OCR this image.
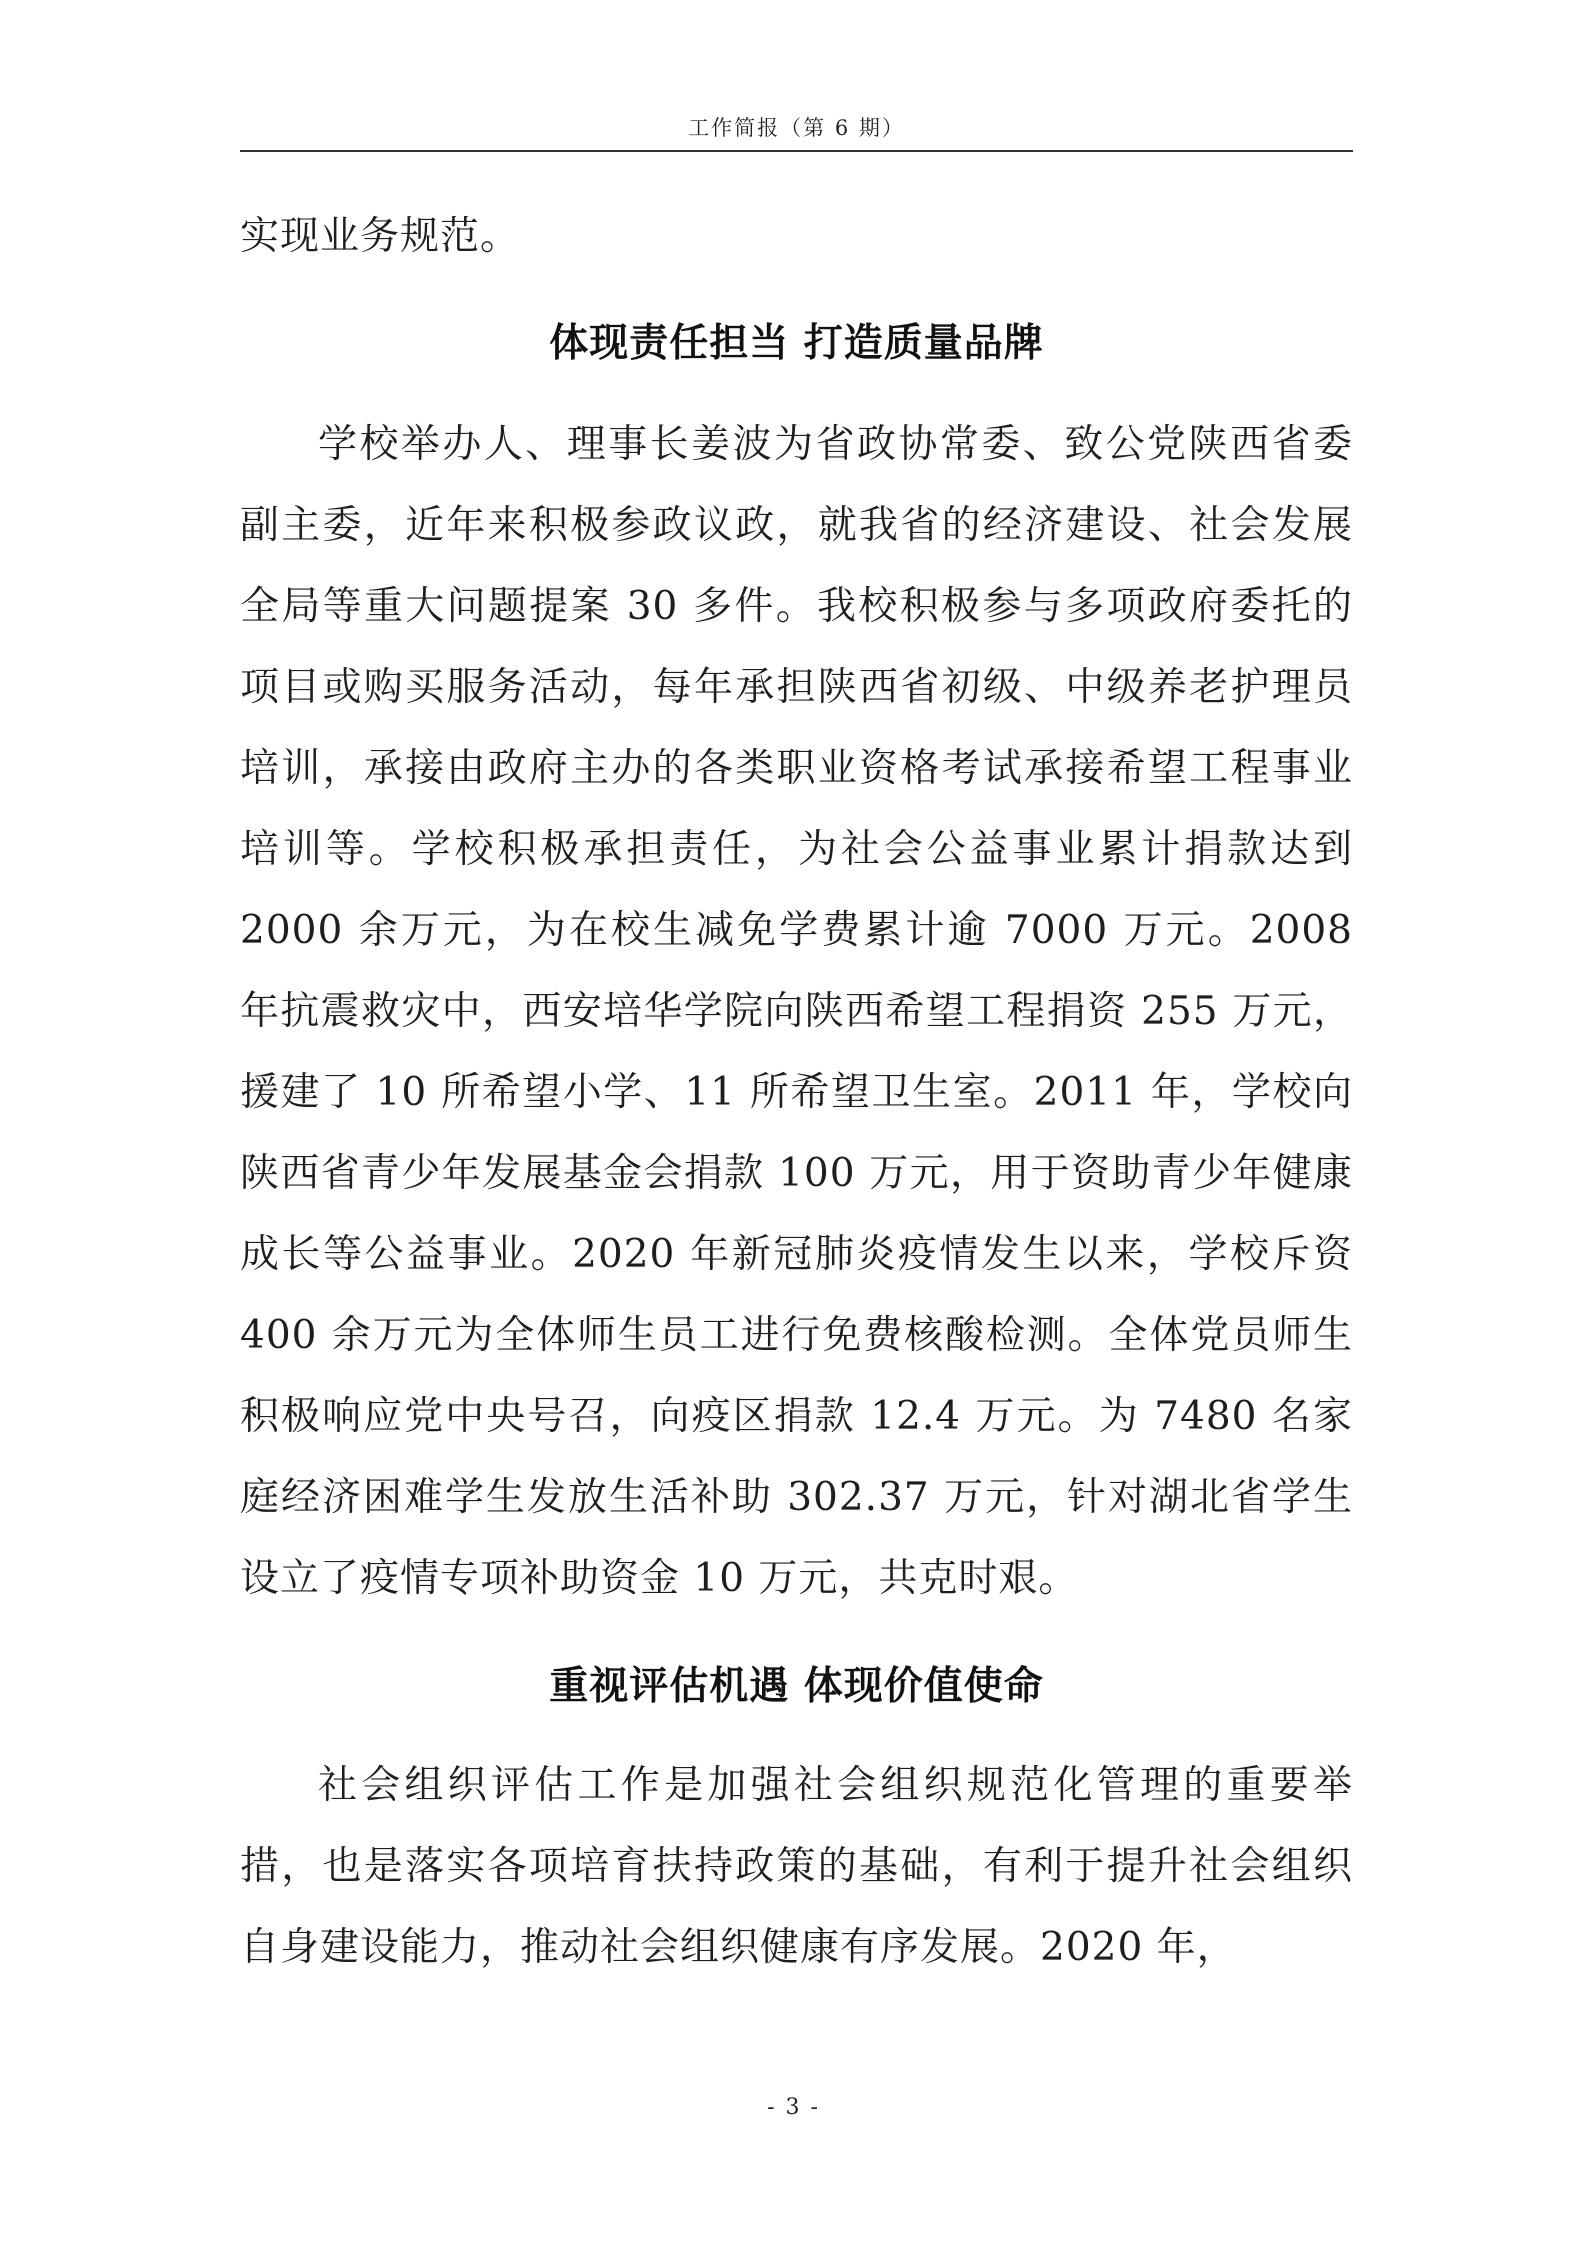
工作简报（第 6 期）

实现业务规范。

体现责任担当 打造质量品牌

学校举办人、理事长姜波为省政协常委、致公党陕西省委副主委，近年来积极参政议政，就我省的经济建设、社会发展全局等重大问题提案 30 多件。我校积极参与多项政府委托的项目或购买服务活动，每年承担陕西省初级、中级养老护理员培训，承接由政府主办的各类职业资格考试承接希望工程事业培训等。学校积极承担责任，为社会公益事业累计捐款达到 2000 余万元，为在校生减免学费累计逾 7000 万元。2008 年抗震救灾中，西安培华学院向陕西希望工程捐资 255 万元，援建了 10 所希望小学、11 所希望卫生室。2011 年，学校向陕西省青少年发展基金会捐款 100 万元，用于资助青少年健康成长等公益事业。2020 年新冠肺炎疫情发生以来，学校斥资 400 余万元为全体师生员工进行免费核酸检测。全体党员师生积极响应党中央号召，向疫区捐款 12.4 万元。为 7480 名家庭经济困难学生发放生活补助 302.37 万元，针对湖北省学生设立了疫情专项补助资金 10 万元，共克时艰。

重视评估机遇 体现价值使命

社会组织评估工作是加强社会组织规范化管理的重要举措，也是落实各项培育扶持政策的基础，有利于提升社会组织自身建设能力，推动社会组织健康有序发展。2020 年，

- 3 -
